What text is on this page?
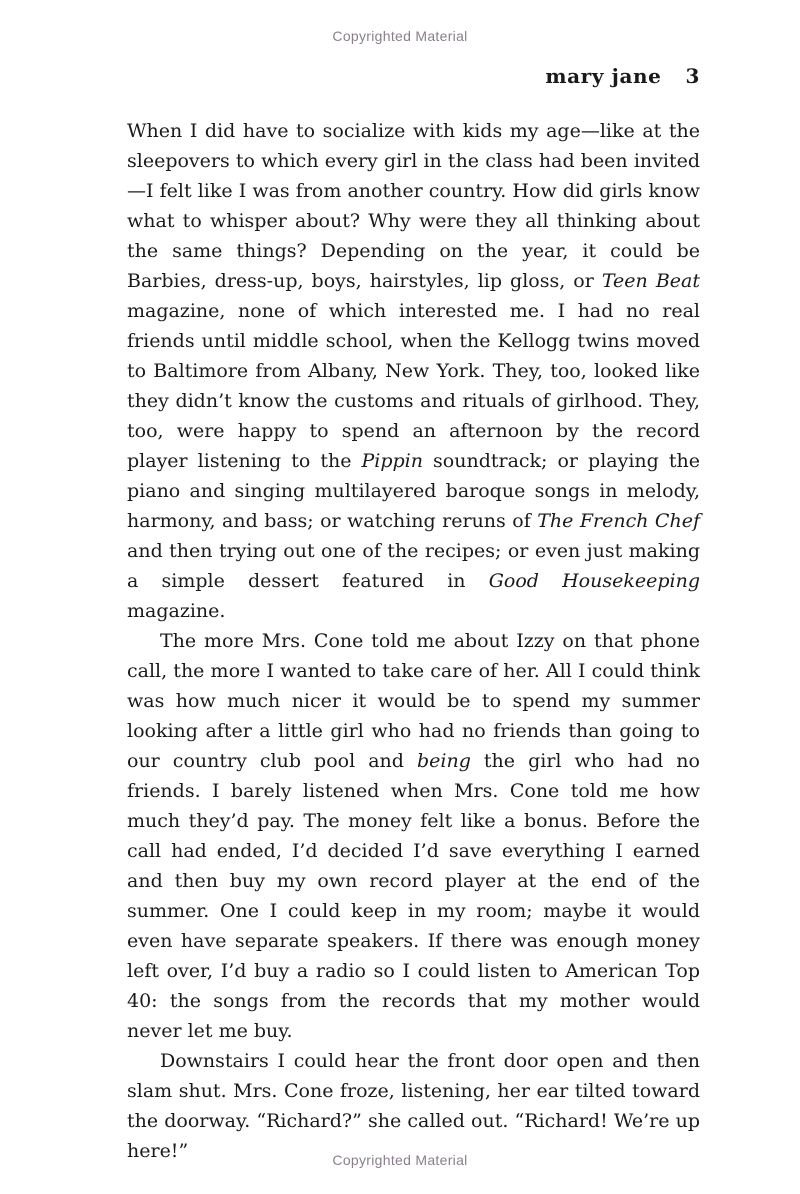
Copyrighted Material
mary jane 3

When I did have to socialize with kids my age—like at the sleepovers to which every girl in the class had been invited—I felt like I was from another country. How did girls know what to whisper about? Why were they all thinking about the same things? Depending on the year, it could be Barbies, dress-up, boys, hairstyles, lip gloss, or Teen Beat magazine, none of which interested me. I had no real friends until middle school, when the Kellogg twins moved to Baltimore from Albany, New York. They, too, looked like they didn’t know the customs and rituals of girlhood. They, too, were happy to spend an afternoon by the record player listening to the Pippin soundtrack; or playing the piano and singing multilayered baroque songs in melody, harmony, and bass; or watching reruns of The French Chef and then trying out one of the recipes; or even just making a simple dessert featured in Good Housekeeping magazine.

The more Mrs. Cone told me about Izzy on that phone call, the more I wanted to take care of her. All I could think was how much nicer it would be to spend my summer looking after a little girl who had no friends than going to our country club pool and being the girl who had no friends. I barely listened when Mrs. Cone told me how much they’d pay. The money felt like a bonus. Before the call had ended, I’d decided I’d save everything I earned and then buy my own record player at the end of the summer. One I could keep in my room; maybe it would even have separate speakers. If there was enough money left over, I’d buy a radio so I could listen to American Top 40: the songs from the records that my mother would never let me buy.

Downstairs I could hear the front door open and then slam shut. Mrs. Cone froze, listening, her ear tilted toward the doorway. “Richard?” she called out. “Richard! We’re up here!”	Copyrighted Material
